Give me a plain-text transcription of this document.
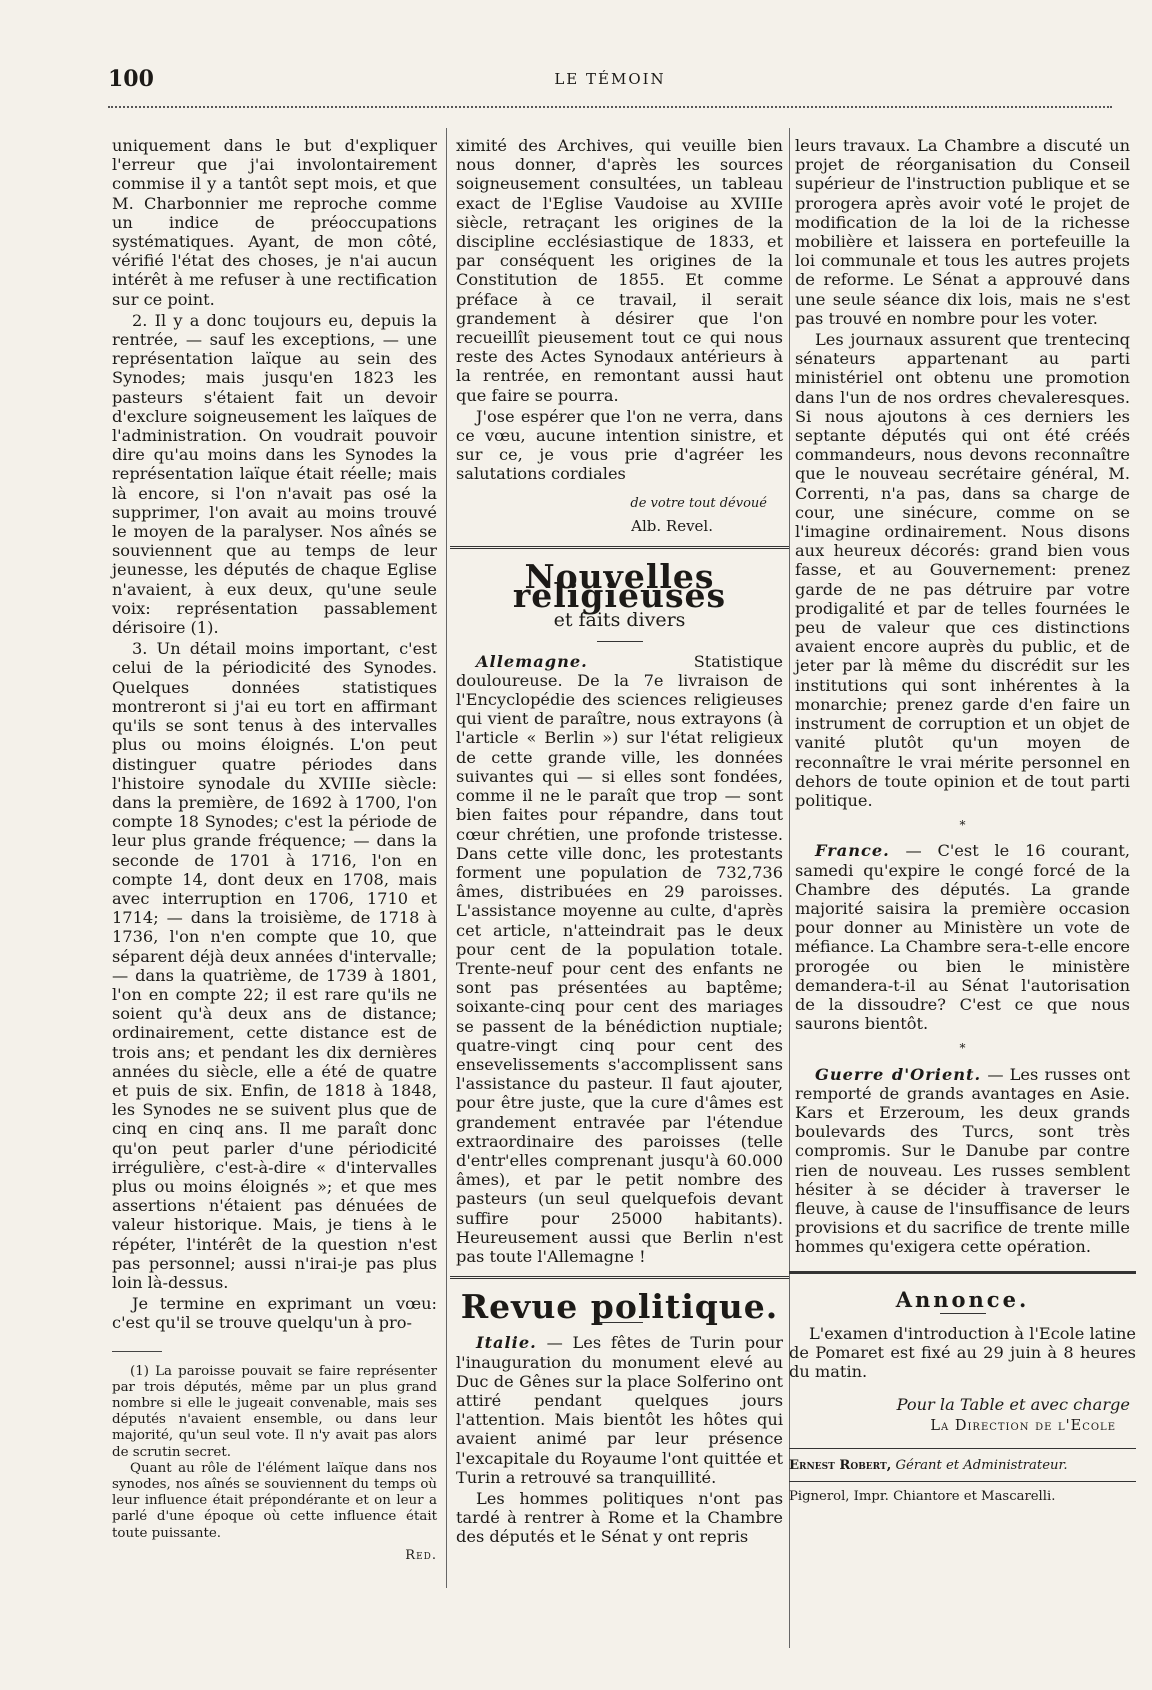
100	LE TÉMOIN

uniquement dans le but d'expliquer l'erreur que j'ai involontairement commise il y a tantôt sept mois, et que M. Charbonnier me reproche comme un indice de préoccupations systématiques. Ayant, de mon côté, vérifié l'état des choses, je n'ai aucun intérêt à me refuser à une rectification sur ce point.

2. Il y a donc toujours eu, depuis la rentrée, — sauf les exceptions, — une représentation laïque au sein des Synodes; mais jusqu'en 1823 les pasteurs s'étaient fait un devoir d'exclure soigneusement les laïques de l'administration. On voudrait pouvoir dire qu'au moins dans les Synodes la représentation laïque était réelle; mais là encore, si l'on n'avait pas osé la supprimer, l'on avait au moins trouvé le moyen de la paralyser. Nos aînés se souviennent que au temps de leur jeunesse, les députés de chaque Eglise n'avaient, à eux deux, qu'une seule voix: représentation passablement dérisoire (1).

3. Un détail moins important, c'est celui de la périodicité des Synodes. Quelques données statistiques montreront si j'ai eu tort en affirmant qu'ils se sont tenus à des intervalles plus ou moins éloignés. L'on peut distinguer quatre périodes dans l'histoire synodale du XVIIIe siècle: dans la première, de 1692 à 1700, l'on compte 18 Synodes; c'est la période de leur plus grande fréquence; — dans la seconde de 1701 à 1716, l'on en compte 14, dont deux en 1708, mais avec interruption en 1706, 1710 et 1714; — dans la troisième, de 1718 à 1736, l'on n'en compte que 10, que séparent déjà deux années d'intervalle; — dans la quatrième, de 1739 à 1801, l'on en compte 22; il est rare qu'ils ne soient qu'à deux ans de distance; ordinairement, cette distance est de trois ans; et pendant les dix dernières années du siècle, elle a été de quatre et puis de six. Enfin, de 1818 à 1848, les Synodes ne se suivent plus que de cinq en cinq ans. Il me paraît donc qu'on peut parler d'une périodicité irrégulière, c'est-à-dire « d'intervalles plus ou moins éloignés »; et que mes assertions n'étaient pas dénuées de valeur historique. Mais, je tiens à le répéter, l'intérêt de la question n'est pas personnel; aussi n'irai-je pas plus loin là-dessus.

Je termine en exprimant un vœu: c'est qu'il se trouve quelqu'un à pro-

(1) La paroisse pouvait se faire représenter par trois députés, même par un plus grand nombre si elle le jugeait convenable, mais ses députés n'avaient ensemble, ou dans leur majorité, qu'un seul vote. Il n'y avait pas alors de scrutin secret.

Quant au rôle de l'élément laïque dans nos synodes, nos aînés se souviennent du temps où leur influence était prépondérante et on leur a parlé d'une époque où cette influence était toute puissante.

Red.

ximité des Archives, qui veuille bien nous donner, d'après les sources soigneusement consultées, un tableau exact de l'Eglise Vaudoise au XVIIIe siècle, retraçant les origines de la discipline ecclésiastique de 1833, et par conséquent les origines de la Constitution de 1855. Et comme préface à ce travail, il serait grandement à désirer que l'on recueillît pieusement tout ce qui nous reste des Actes Synodaux antérieurs à la rentrée, en remontant aussi haut que faire se pourra.

J'ose espérer que l'on ne verra, dans ce vœu, aucune intention sinistre, et sur ce, je vous prie d'agréer les salutations cordiales

de votre tout dévoué
Alb. Revel.
Nouvelles religieuses
et faits divers

Allemagne.	Statistique douloureuse. De la 7e livraison de l'Encyclopédie des sciences religieuses qui vient de paraître, nous extrayons (à l'article « Berlin ») sur l'état religieux de cette grande ville, les données suivantes qui — si elles sont fondées, comme il ne le paraît que trop — sont bien faites pour répandre, dans tout cœur chrétien, une profonde tristesse. Dans cette ville donc, les protestants forment une population de 732,736 âmes, distribuées en 29 paroisses. L'assistance moyenne au culte, d'après cet article, n'atteindrait pas le deux pour cent de la population totale. Trente-neuf pour cent des enfants ne sont pas présentées au baptême; soixante-cinq pour cent des mariages se passent de la bénédiction nuptiale; quatre-vingt cinq pour cent des ensevelissements s'accomplissent sans l'assistance du pasteur. Il faut ajouter, pour être juste, que la cure d'âmes est grandement entravée par l'étendue extraordinaire des paroisses (telle d'entr'elles comprenant jusqu'à 60.000 âmes), et par le petit nombre des pasteurs (un seul quelquefois devant suffire pour 25000 habitants). Heureusement aussi que Berlin n'est pas toute l'Allemagne !

Revue politique.

Italie. — Les fêtes de Turin pour l'inauguration du monument elevé au Duc de Gênes sur la place Solferino ont attiré pendant quelques jours l'attention. Mais bientôt les hôtes qui avaient animé par leur présence l'excapitale du Royaume l'ont quittée et Turin a retrouvé sa tranquillité.

Les hommes politiques n'ont pas tardé à rentrer à Rome et la Chambre des députés et le Sénat y ont repris

leurs travaux. La Chambre a discuté un projet de réorganisation du Conseil supérieur de l'instruction publique et se prorogera après avoir voté le projet de modification de la loi de la richesse mobilière et laissera en portefeuille la loi communale et tous les autres projets de reforme. Le Sénat a approuvé dans une seule séance dix lois, mais ne s'est pas trouvé en nombre pour les voter.

Les journaux assurent que trentecinq sénateurs appartenant au parti ministériel ont obtenu une promotion dans l'un de nos ordres chevaleresques. Si nous ajoutons à ces derniers les septante députés qui ont été créés commandeurs, nous devons reconnaître que le nouveau secrétaire général, M. Correnti, n'a pas, dans sa charge de cour, une sinécure, comme on se l'imagine ordinairement. Nous disons aux heureux décorés: grand bien vous fasse, et au Gouvernement: prenez garde de ne pas détruire par votre prodigalité et par de telles fournées le peu de valeur que ces distinctions avaient encore auprès du public, et de jeter par là même du discrédit sur les institutions qui sont inhérentes à la monarchie; prenez garde d'en faire un instrument de corruption et un objet de vanité plutôt qu'un moyen de reconnaître le vrai mérite personnel en dehors de toute opinion et de tout parti politique.

*

France. — C'est le 16 courant, samedi qu'expire le congé forcé de la Chambre des députés. La grande majorité saisira la première occasion pour donner au Ministère un vote de méfiance. La Chambre sera-t-elle encore prorogée ou bien le ministère demandera-t-il au Sénat l'autorisation de la dissoudre? C'est ce que nous saurons bientôt.

*

Guerre d'Orient. — Les russes ont remporté de grands avantages en Asie. Kars et Erzeroum, les deux grands boulevards des Turcs, sont très compromis. Sur le Danube par contre rien de nouveau. Les russes semblent hésiter à se décider à traverser le fleuve, à cause de l'insuffisance de leurs provisions et du sacrifice de trente mille hommes qu'exigera cette opération.

Annonce.

L'examen d'introduction à l'Ecole latine de Pomaret est fixé au 29 juin à 8 heures du matin.

Pour la Table et avec charge
La Direction de l'Ecole
Ernest Robert, Gérant et Administrateur.
Pignerol, Impr. Chiantore et Mascarelli.
